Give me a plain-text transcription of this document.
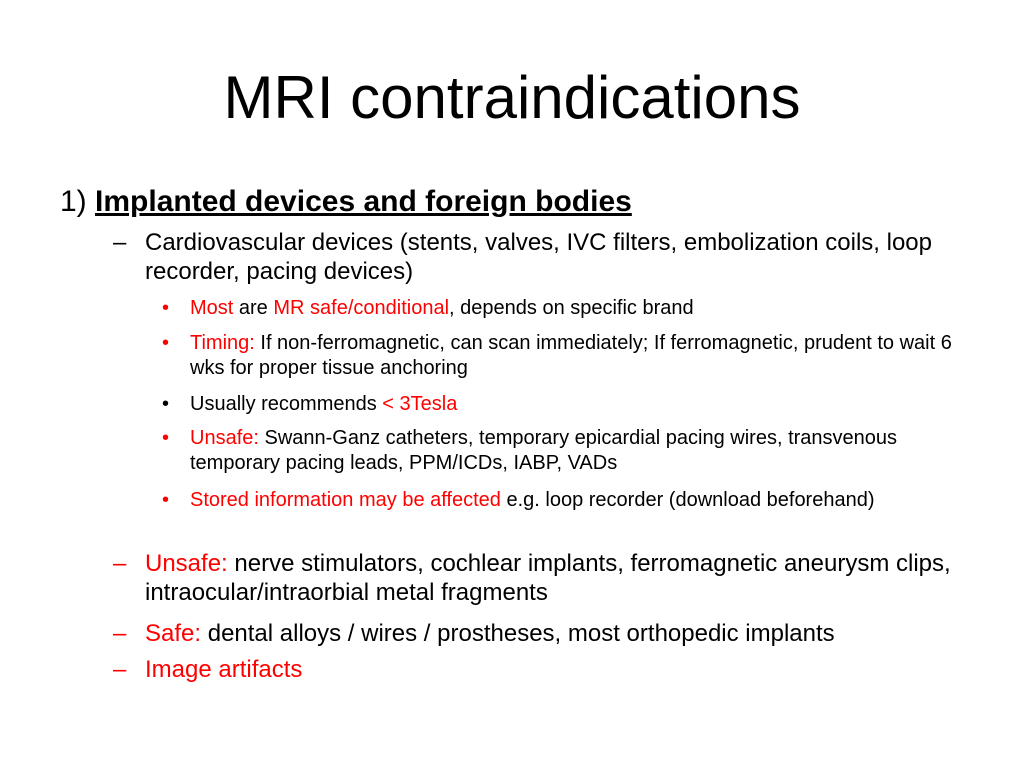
MRI contraindications
1) Implanted devices and foreign bodies
– Cardiovascular devices (stents, valves, IVC filters, embolization coils, loop recorder, pacing devices)
•	Most are MR safe/conditional, depends on specific brand
•	Timing: If non-ferromagnetic, can scan immediately; If ferromagnetic, prudent to wait 6 wks for proper tissue anchoring
•	Usually recommends < 3Tesla
•	Unsafe: Swann-Ganz catheters, temporary epicardial pacing wires, transvenous temporary pacing leads, PPM/ICDs, IABP, VADs
•	Stored information may be affected e.g. loop recorder (download beforehand)
– Unsafe: nerve stimulators, cochlear implants, ferromagnetic aneurysm clips, intraocular/intraorbial metal fragments
– Safe: dental alloys / wires / prostheses, most orthopedic implants
– Image artifacts
